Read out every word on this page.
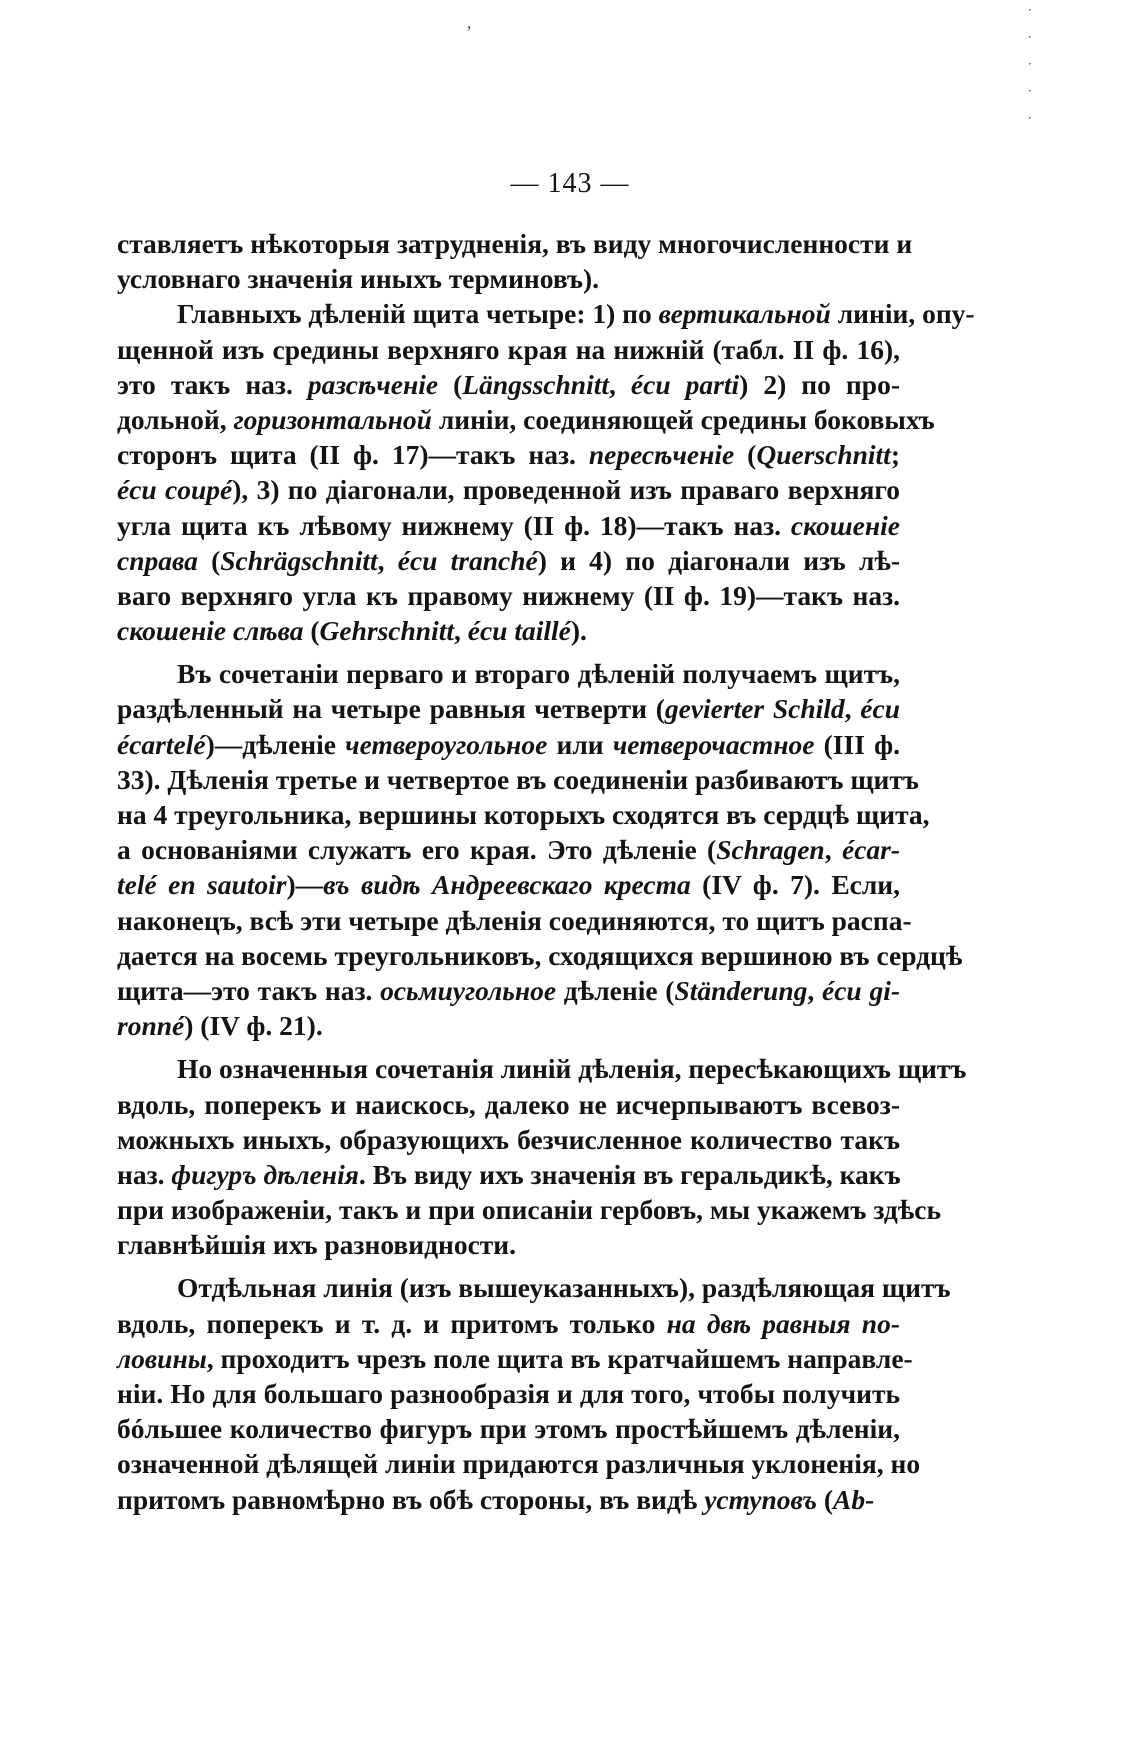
ʼ	. . . . .
— 143 —
ставляетъ нѣкоторыя затрудненія, въ виду многочисленности и
условнаго значенія иныхъ терминовъ).
Главныхъ дѣленій щита четыре: 1) по вертикальной линіи, опу-
щенной изъ средины верхняго края на нижній (табл. II ф. 16),
это такъ наз. разсѣченіе (Längsschnitt, écu parti) 2) по про-
дольной, горизонтальной линіи, соединяющей средины боковыхъ
сторонъ щита (II ф. 17)—такъ наз. пересѣченіе (Querschnitt;
écu coupé), 3) по діагонали, проведенной изъ праваго верхняго
угла щита къ лѣвому нижнему (II ф. 18)—такъ наз. скошеніе
справа (Schrägschnitt, écu tranché) и 4) по діагонали изъ лѣ-
ваго верхняго угла къ правому нижнему (II ф. 19)—такъ наз.
скошеніе слѣва (Gehrschnitt, écu taillé).
Въ сочетаніи перваго и втораго дѣленій получаемъ щитъ,
раздѣленный на четыре равныя четверти (gevierter Schild, écu
écartelé)—дѣленіе четвероугольное или четверочастное (III ф.
33). Дѣленія третье и четвертое въ соединеніи разбиваютъ щитъ
на 4 треугольника, вершины которыхъ сходятся въ сердцѣ щита,
а основаніями служатъ его края. Это дѣленіе (Schragen, écar-
telé en sautoir)—въ видѣ Андреевскаго креста (IV ф. 7). Если,
наконецъ, всѣ эти четыре дѣленія соединяются, то щитъ распа-
дается на восемь треугольниковъ, сходящихся вершиною въ сердцѣ
щита—это такъ наз. осьмиугольное дѣленіе (Ständerung, écu gi-
ronné) (IV ф. 21).
Но означенныя сочетанія линій дѣленія, пересѣкающихъ щитъ
вдоль, поперекъ и наискось, далеко не исчерпываютъ всевоз-
можныхъ иныхъ, образующихъ безчисленное количество такъ
наз. фигуръ дѣленія. Въ виду ихъ значенія въ геральдикѣ, какъ
при изображеніи, такъ и при описаніи гербовъ, мы укажемъ здѣсь
главнѣйшія ихъ разновидности.
Отдѣльная линія (изъ вышеуказанныхъ), раздѣляющая щитъ
вдоль, поперекъ и т. д. и притомъ только на двѣ равныя по-
ловины, проходитъ чрезъ поле щита въ кратчайшемъ направле-
ніи. Но для большаго разнообразія и для того, чтобы получить
бóльшее количество фигуръ при этомъ простѣйшемъ дѣленіи,
означенной дѣлящей линіи придаются различныя уклоненія, но
притомъ равномѣрно въ обѣ стороны, въ видѣ уступовъ (Ab-
